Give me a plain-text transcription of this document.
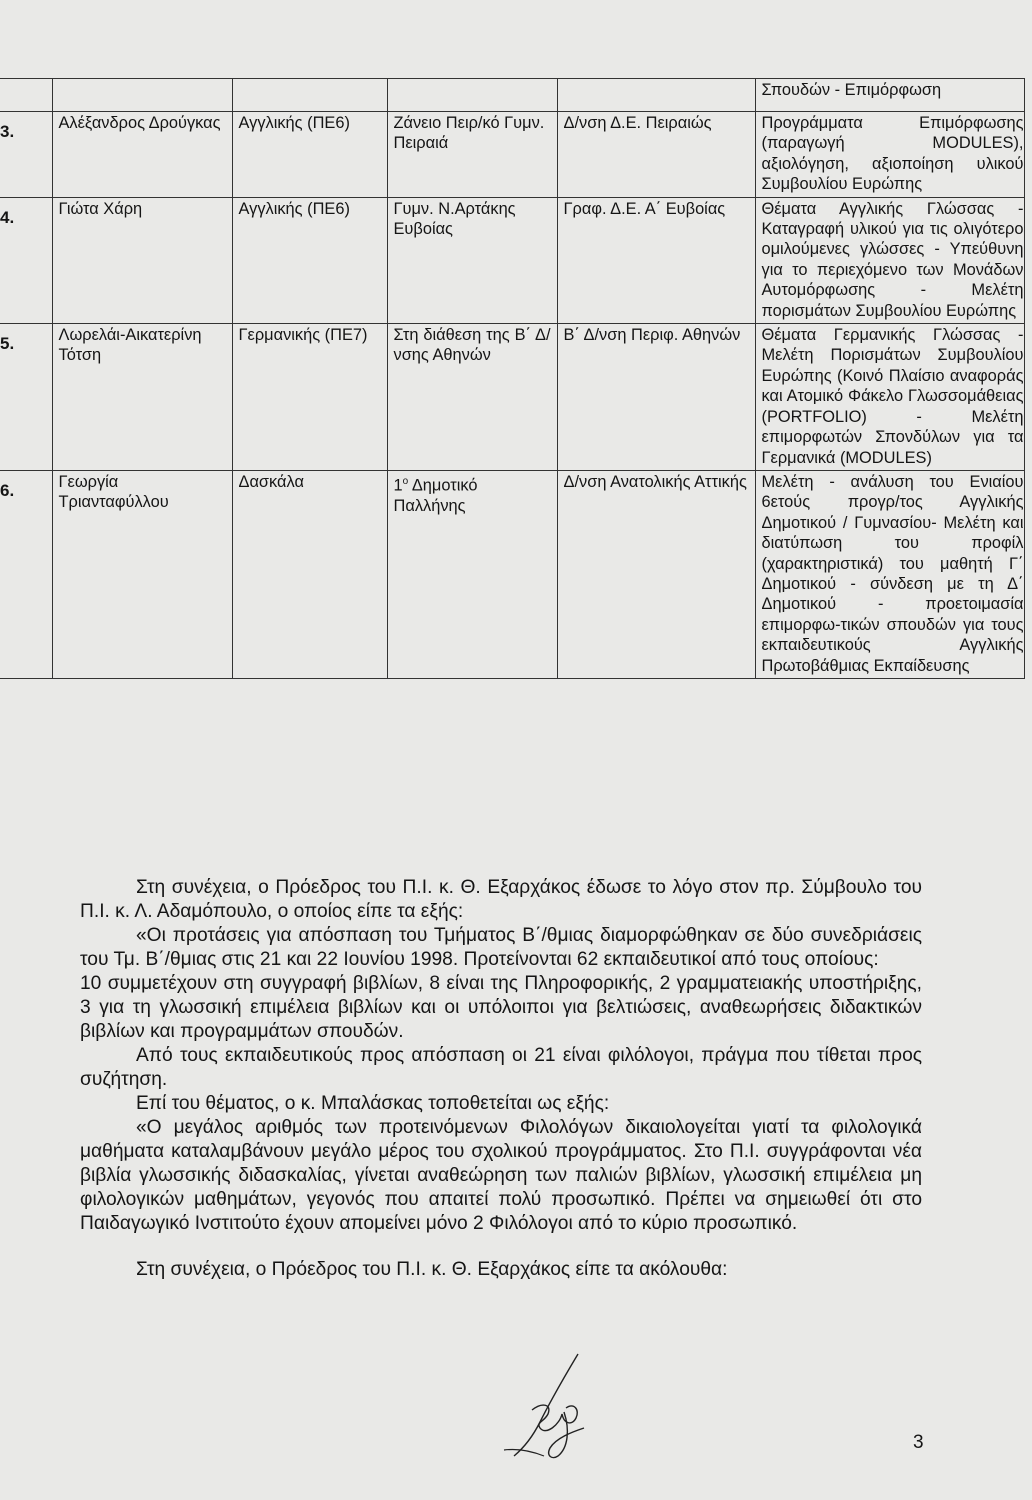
					Σπουδών - Επιμόρφωση
3.	Αλέξανδρος Δρούγκας	Αγγλικής (ΠΕ6)	Ζάνειο Πειρ/κό Γυμν. Πειραιά	Δ/νση Δ.Ε. Πειραιώς	Προγράμματα Επιμόρφωσης (παραγωγή MODULES), αξιολόγηση, αξιοποίηση υλικού Συμβουλίου Ευρώπης
4.	Γιώτα Χάρη	Αγγλικής (ΠΕ6)	Γυμν. Ν.Αρτάκης Ευβοίας	Γραφ. Δ.Ε. Α΄ Ευβοίας	Θέματα Αγγλικής Γλώσσας - Καταγραφή υλικού για τις ολιγότερο ομιλούμενες γλώσσες - Υπεύθυνη για το περιεχόμενο των Μονάδων Αυτομόρφωσης - Μελέτη πορισμάτων Συμβουλίου Ευρώπης
5.	Λωρελάι-Αικατερίνη Τότση	Γερμανικής (ΠΕ7)	Στη διάθεση της Β΄ Δ/νσης Αθηνών	Β΄ Δ/νση Περιφ. Αθηνών	Θέματα Γερμανικής Γλώσσας - Μελέτη Πορισμάτων Συμβουλίου Ευρώπης (Κοινό Πλαίσιο αναφοράς και Ατομικό Φάκελο Γλωσσομάθειας (PORTFOLIO) - Μελέτη επιμορφωτών Σπονδύλων για τα Γερμανικά (MODULES)
6.	Γεωργία Τριανταφύλλου	Δασκάλα	$1^o$ Δημοτικό Παλλήνης	Δ/νση Ανατολικής Αττικής	Μελέτη - ανάλυση του Ενιαίου 6ετούς προγρ/τος Αγγλικής Δημοτικού / Γυμνασίου- Μελέτη και διατύπωση του προφίλ (χαρακτηριστικά) του μαθητή Γ΄ Δημοτικού - σύνδεση με τη Δ΄ Δημοτικού - προετοιμασία επιμορφω-τικών σπουδών για τους εκπαιδευτικούς Αγγλικής Πρωτοβάθμιας Εκπαίδευσης

Στη συνέχεια, ο Πρόεδρος του Π.Ι. κ. Θ. Εξαρχάκος έδωσε το λόγο στον πρ. Σύμβουλο του Π.Ι. κ. Λ. Αδαμόπουλο, ο οποίος είπε τα εξής:

«Οι προτάσεις για απόσπαση του Τμήματος Β΄/θμιας διαμορφώθηκαν σε δύο συνεδριάσεις του Τμ. Β΄/θμιας στις 21 και 22 Ιουνίου 1998. Προτείνονται 62 εκπαιδευτικοί από τους οποίους:

10 συμμετέχουν στη συγγραφή βιβλίων, 8 είναι της Πληροφορικής, 2 γραμματειακής υποστήριξης, 3 για τη γλωσσική επιμέλεια βιβλίων και οι υπόλοιποι για βελτιώσεις, αναθεωρήσεις διδακτικών βιβλίων και προγραμμάτων σπουδών.

Από τους εκπαιδευτικούς προς απόσπαση οι 21 είναι φιλόλογοι, πράγμα που τίθεται προς συζήτηση.

Επί του θέματος, ο κ. Μπαλάσκας τοποθετείται ως εξής:

«Ο μεγάλος αριθμός των προτεινόμενων Φιλολόγων δικαιολογείται γιατί τα φιλολογικά μαθήματα καταλαμβάνουν μεγάλο μέρος του σχολικού προγράμματος. Στο Π.Ι. συγγράφονται νέα βιβλία γλωσσικής διδασκαλίας, γίνεται αναθεώρηση των παλιών βιβλίων, γλωσσική επιμέλεια μη φιλολογικών μαθημάτων, γεγονός που απαιτεί πολύ προσωπικό. Πρέπει να σημειωθεί ότι στο Παιδαγωγικό Ινστιτούτο έχουν απομείνει μόνο 2 Φιλόλογοι από το κύριο προσωπικό.

Στη συνέχεια, ο Πρόεδρος του Π.Ι. κ. Θ. Εξαρχάκος είπε τα ακόλουθα:

3
